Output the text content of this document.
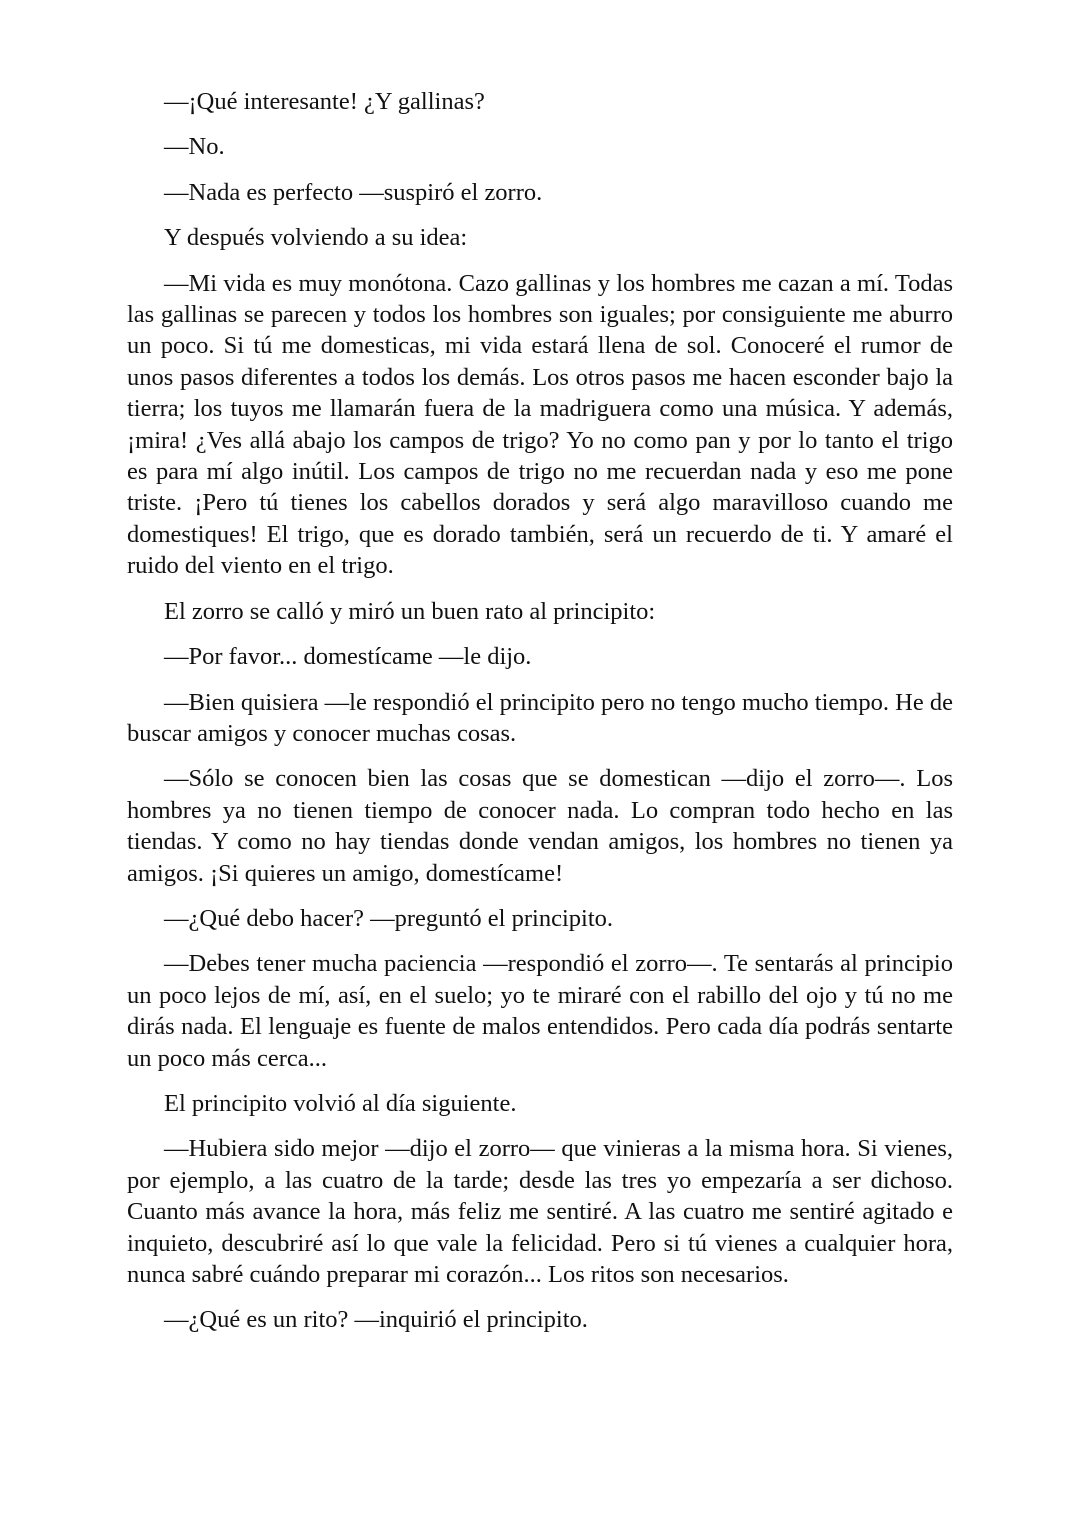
—¡Qué interesante! ¿Y gallinas?

—No.

—Nada es perfecto —suspiró el zorro.

Y después volviendo a su idea:

—Mi vida es muy monótona. Cazo gallinas y los hombres me cazan a mí. Todas las gallinas se parecen y todos los hombres son iguales; por consiguiente me aburro un poco. Si tú me domesticas, mi vida estará llena de sol. Conoceré el rumor de unos pasos diferentes a todos los demás. Los otros pasos me hacen esconder bajo la tierra; los tuyos me llamarán fuera de la madriguera como una música. Y además, ¡mira! ¿Ves allá abajo los campos de trigo? Yo no como pan y por lo tanto el trigo es para mí algo inútil. Los campos de trigo no me recuerdan nada y eso me pone triste. ¡Pero tú tienes los cabellos dorados y será algo maravilloso cuando me domestiques! El trigo, que es dorado también, será un recuerdo de ti. Y amaré el ruido del viento en el trigo.

El zorro se calló y miró un buen rato al principito:

—Por favor... domestícame —le dijo.

—Bien quisiera —le respondió el principito pero no tengo mucho tiempo. He de buscar amigos y conocer muchas cosas.

—Sólo se conocen bien las cosas que se domestican —dijo el zorro—. Los hombres ya no tienen tiempo de conocer nada. Lo compran todo hecho en las tiendas. Y como no hay tiendas donde vendan amigos, los hombres no tienen ya amigos. ¡Si quieres un amigo, domestícame!

—¿Qué debo hacer? —preguntó el principito.

—Debes tener mucha paciencia —respondió el zorro—. Te sentarás al principio un poco lejos de mí, así, en el suelo; yo te miraré con el rabillo del ojo y tú no me dirás nada. El lenguaje es fuente de malos entendidos. Pero cada día podrás sentarte un poco más cerca...

El principito volvió al día siguiente.

—Hubiera sido mejor —dijo el zorro— que vinieras a la misma hora. Si vienes, por ejemplo, a las cuatro de la tarde; desde las tres yo empezaría a ser dichoso. Cuanto más avance la hora, más feliz me sentiré. A las cuatro me sentiré agitado e inquieto, descubriré así lo que vale la felicidad. Pero si tú vienes a cualquier hora, nunca sabré cuándo preparar mi corazón... Los ritos son necesarios.

—¿Qué es un rito? —inquirió el principito.
